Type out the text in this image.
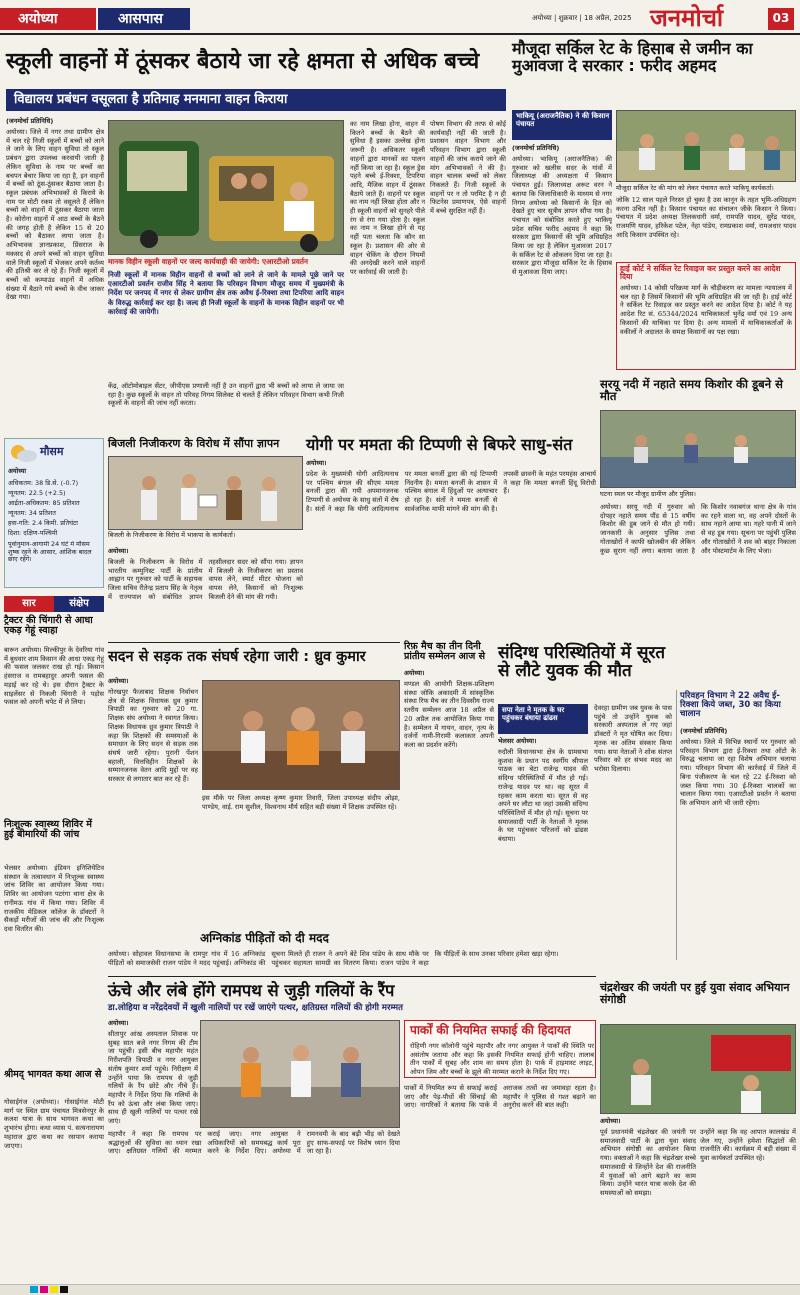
अयोध्या	आसपास	अयोध्या | शुक्रवार | 18 अप्रैल, 2025 जनमोर्चा	03
स्कूली वाहनों में ठूंसकर बैठाये जा रहे क्षमता से अधिक बच्चे
विद्यालय प्रबंधन वसूलता है प्रतिमाह मनमाना वाहन किराया
(जनमोर्चा प्रतिनिधि)
अयोध्या। जिले में नगर तथा ग्रामीण क्षेत्र में चल रहे निजी स्कूलों में बच्चों को लाने ले जाने के लिए वाहन सुविधा तो स्कूल प्रबंधन द्वारा उपलब्ध करवायी जाती है लेकिन सुविधा के नाम पर बच्चों का बचपन बेचार किया जा रहा है, इन वाहनों में बच्चों को ठूंस-ठूंसकर बैठाया जाता है। स्कूल प्रबंधक अभिभावकों से किराये के नाम पर मोटी रकम तो वसूलते हैं लेकिन बच्चों को वाहनों में ठूंसकर बैठाया जाता है। कोरोना वाहनों में आठ बच्चों के बैठने की जगह होती है लेकिन 15 से 20 बच्चों को बैठाकर लाया जाता है। अभिभावक ज्ञानप्रकाश, प्रिंसराज के मकसद से अपने बच्चों को वाहन सुविधा वाले निजी स्कूलों में भेजकर अपने कर्तव्य की इतिश्री कर ले रहे हैं। निजी स्कूलों में बच्चों को कम्पाउंड वाहनों में अधिक संख्या में बैठाने गये बच्चों के वीच जाकर देखा गया।
का नाम लिखा होना, वाहन में कितने बच्चों के बैठने की सुविधा है इसका उल्लेख होना जरूरी है। अधिकतर स्कूली वाहनों द्वारा मानकों का पालन नहीं किया जा रहा है। स्कूल ड्रेस पहने बच्चे ई-रिक्शा, टिपरिया आदि, मैजिक वाहन में ठूंसकर बैठाये जाते हैं। वाहनों पर स्कूल का नाम नहीं लिखा होता और न ही स्कूली वाहनों को सुनहरे पीले रंग से रंगा गया होता है। स्कूल का नाम न लिखा होने से यह नहीं पता चलता कि कौन सा स्कूल है। प्रशासन की ओर से वाहन चेकिंग के दौरान नियमों की अनदेखी करने वाले वाहनों पर कार्रवाई की जाती है।
पोषण विभाग की तरफ से कोई कार्यवाही नहीं की जाती है। प्रशासन वाहन विभाग और परिवहन विभाग द्वारा स्कूली वाहनों की जांच कराये जाने की मांग अभिभावकों ने की है। वाहन चालक बच्चों को लेकर निकलते हैं। निजी स्कूलों के वाहनों पर न तो परमिट है न ही फिटनेस प्रमाणपत्र, ऐसे वाहनों में बच्चे सुरक्षित नहीं हैं।
मानक विहीन स्कूली वाहनों पर जल्द कार्यवाही की जायेगी: एआरटीओ प्रवर्तन
निजी स्कूलों में मानक विहीन वाहनों से बच्चों को लाने ले जाने के मामले पूछे जाने पर एआरटीओ प्रवर्तन राजीव सिंह ने बताया कि परिवहन विभाग मौजूद समय में मुख्यमंत्री के निर्देश पर जनपद में नगर से लेकर ग्रामीण क्षेत्र तक अवैध ई-रिक्शा तथा टिपरिया आदि वाहन के विरुद्ध कार्रवाई कर रहा है। जल्द ही निजी स्कूलों के वाहनों के मानक विहीन वाहनों पर भी कार्रवाई की जायेगी।
केंद्र, ऑटोमोबाइल सेंटर, जीपीएस प्रणाली नहीं है उन वाहनों द्वारा भी बच्चों को लाया ले जाया जा रहा है। कुछ स्कूलों के वाहन तो परिवह निगम सिलेक्ट से चलते हैं लेकिन परिवहन विभाग कभी निजी स्कूलों के वाहनों की जांच नहीं करता।
मौजूदा सर्किल रेट के हिसाब से जमीन का मुआवजा दे सरकार : फरीद अहमद
भाकियू (अराजनैतिक) ने की किसान पंचायत
(जनमोर्चा प्रतिनिधि)
अयोध्या। भाकियू (अराजनैतिक) की गुरुवार को खलीस सदर के गांवों में जिलाध्यक्ष की अध्यक्षता में किसान पंचायत हुई। जिलाध्यक्ष अरूट वरन ने बताया कि जिलाधिकारी के माध्यम से नगर निगम अयोध्या को किसानों के हित को देखते हुए चार सूत्रीय ज्ञापन सौंपा गया है। पंचायत को संबोधित करते हुए भाकियू प्रदेश सचिव फरीद अहमद ने कहा कि सरकार द्वारा किसानों की भूमि अधिग्रहित किया जा रहा है लेकिन मुआवजा 2017 के सर्किल रेट से ओकलन दिया जा रहा है। सरकार द्वारा मौजूदा सर्किल रेट के हिसाब से मुआवजा दिया जाए।
मौजूदा सर्किल रेट की मांग को लेकर पंचायत करते भाकियू कार्यकर्ता।
जोकि 12 साल पहले निरस्त हो चुका है उस कानून के तहत भूमि-अधिग्रहण करना उचित नहीं है। किसान पंचायत का संचालन जीके किसान ने किया। पंचायत में प्रदेश अध्यक्ष तिलकधारी वर्मा, रामपति यादव, सुरेंद्र यादव, राजमणि यादव, हरिकेश पटेल, नेहा पांडेय, रामप्रकाश वर्मा, रामअधार यादव आदि किसान उपस्थित रहे।
हाई कोर्ट ने सर्किल रेट रिवाइज कर प्रस्तुत करने का आदेश दिया
अयोध्या। 14 कोसी परिक्रमा मार्ग के चौड़ीकरण का मामला न्यायालय में चल रहा है जिसमें किसानों की भूमि अधिग्रहित की जा रही है। हाई कोर्ट ने सर्किल रेट रिवाइज कर प्रस्तुत करने का आदेश दिया है। कोर्ट ने यह आदेश रिट सं. 65344/2024 याचिकाकर्ता भुनेंद्र वर्मा एवं 19 अन्य किसानों की याचिका पर दिया है। अन्य मामलों में याचिकाकर्ताओं के वकीलों ने अदालत के समक्ष किसानों का पक्ष रखा।
सरयू नदी में नहाते समय किशोर की डूबने से मौत
घटना स्थल पर मौजूद ग्रामीण और पुलिस।
अयोध्या। सरयू नदी में गुरुवार को दोपहर नहाते समय पौंड से 15 वर्षीय किशोर की डूब जाने से मौत हो गयी। जानकारी के अनुसार पुलिस तथा गोताखोरों ने काफी खोजबीन की लेकिन कुछ सुराग नहीं लगा। बताया जाता है कि किशोर नवाबगंज थाना क्षेत्र के गांव का रहने वाला था, वह अपने दोस्तों के साथ नहाने आया था। गहरे पानी में जाने से वह डूब गया। सूचना पर पहुंची पुलिस और गोताखोरों ने शव को बाहर निकाला और पोस्टमार्टम के लिए भेजा।
परिवहन विभाग ने 22 अवैध ई-रिक्शा किये जब्त, 30 का किया चालान
(जनमोर्चा प्रतिनिधि)
अयोध्या। जिले में विभिन्न स्थानों पर गुरुवार को परिवहन विभाग द्वारा ई-रिक्शा तथा ऑटो के विरुद्ध चलाया जा रहा विशेष अभियान चलाया गया। परिवहन विभाग की कार्रवाई में जिले में बिना पंजीकरण के चल रहे 22 ई-रिक्शा को जब्त किया गया। 30 ई-रिक्शा चालकों का चालान किया गया। एआरटीओ प्रवर्तन ने बताया कि अभियान आगे भी जारी रहेगा।
मौसम
अयोध्या
अधिकतम: 38 डि.से. (-0.7)
न्यूनतम: 22.5 (+2.5)
आर्द्रता-अधिकतम: 85 प्रतिशत
न्यूनतम: 34 प्रतिशत
हवा-गति: 2.4 किमी. प्रतिघंटा
दिशा: दक्षिण-पश्चिमी
पूर्वानुमान-आगामी 24 घंटे में मौसम शुष्क रहने के आसार, आंशिक बादल छाए रहेंगे।
सार	संक्षेप
ट्रैक्टर की चिंगारी से आधा एकड़ गेहूं स्वाहा
बारून अयोध्या। मिल्कीपुर के देवरिया गांव में बुधवार शाम किसान की आधा एकड़ गेहूं की फसल जलकर राख हो गई। किसान हंसराज व रामबहादुर अपनी फसल की मड़ाई कर रहे थे। इस दौरान ट्रैक्टर के साइलेंसर से निकली चिंगारी ने पड़ोस फसल को अपनी चपेट में ले लिया।
निःशुल्क स्वास्थ्य शिविर में हुई बीमारियों की जांच
भेलसर अयोध्या। इंडियन इनिशियेटिव संस्थान के तत्वावधान में निःशुल्क स्वास्थ्य जांच शिविर का आयोजन किया गया। शिविर का आयोजन पटरंगा थाना क्षेत्र के रानीमऊ गांव में किया गया। शिविर में राजकीय मेडिकल कॉलेज के डॉक्टरों ने सैकड़ों मरीजों की जांच की और निःशुल्क दवा वितरित की।
श्रीमद् भागवत कथा आज से
गोसाईगंज (अयोध्या)। गोसाईगंज मोटी मार्ग पर स्थित ग्राम पंचायत मित्रसेनपुर के कलश यात्रा के साथ भागवत कथा का शुभारंभ होगा। कथा व्यास पं. सत्यनारायण महाराज द्वारा कथा का रसपान कराया जाएगा।
बिजली निजीकरण के विरोध में सौंपा ज्ञापन
बिजली के निजीकरण के विरोध में भाकपा के कार्यकर्ता।
अयोध्या।
बिजली के निजीकरण के विरोध में भारतीय कम्युनिस्ट पार्टी के प्रांतीय आह्वान पर गुरुवार को पार्टी के सहायक जिला सचिव रीतेन्द्र प्रताप सिंह के नेतृत्व में राज्यपाल को संबोधित ज्ञापन तहसीलदार सदर को सौंपा गया। ज्ञापन में बिजली के निजीकरण का प्रस्ताव वापस लेने, स्मार्ट मीटर योजना को वापस लेने, किसानों को निःशुल्क बिजली देने की मांग की गयी।
योगी पर ममता की टिप्पणी से बिफरे साधु-संत
अयोध्या।
प्रदेश के मुख्यमंत्री योगी आदित्यनाथ पर पश्चिम बंगाल की सीएम ममता बनर्जी द्वारा की गयी अपमानजनक टिप्पणी से अयोध्या के साधु संतों में रोष है। संतों ने कहा कि योगी आदित्यनाथ पर ममता बनर्जी द्वारा की गई टिप्पणी निंदनीय है। ममता बनर्जी के शासन में पश्चिम बंगाल में हिंदुओं पर अत्याचार हो रहा है। संतों ने ममता बनर्जी से सार्वजनिक माफी मांगने की मांग की है। तपस्वी छावनी के महंत परमहंस आचार्य ने कहा कि ममता बनर्जी हिंदू विरोधी हैं।
सदन से सड़क तक संघर्ष रहेगा जारी : ध्रुव कुमार
अयोध्या।
गोरखपुर फैजाबाद शिक्षक निर्वाचन क्षेत्र से शिक्षक विधायक ध्रुव कुमार त्रिपाठी का गुरुवार को 20 गा. शिक्षक संघ अयोध्या ने स्वागत किया। शिक्षक विधायक ध्रुव कुमार त्रिपाठी ने कहा कि शिक्षकों की समस्याओं के समाधान के लिए सदन से सड़क तक संघर्ष जारी रहेगा। पुरानी पेंशन बहाली, वित्तविहीन शिक्षकों के सम्मानजनक वेतन आदि मुद्दों पर वह सरकार से लगातार बात कर रहे हैं।
इस मौके पर जिला अध्यक्ष कृष्ण कुमार तिवारी, जिला उपाध्यक्ष संदीप ओझा, पाण्डेय, वाई. राम सुशील, विश्वनाथ मौर्य सहित बड़ी संख्या में शिक्षक उपस्थित रहे।
रिफ़ मैच का तीन दिनी प्रांतीय सम्मेलन आज से
अयोध्या।
मण्डल की आयोगी शिक्षक-प्रशिक्षण संस्था जोकि अकादमी में सांस्कृतिक संस्था रिफ मैच का तीन दिवसीय राज्य स्तरीय सम्मेलन आज 18 अप्रैल से 20 अप्रैल तक आयोजित किया गया है। सम्मेलन में गायन, वादन, नृत्य के दर्जनों नामी-गिरामी कलाकार अपनी कला का प्रदर्शन करेंगे।
संदिग्ध परिस्थितियों में सूरत से लौटे युवक की मौत
सपा नेता ने मृतक के घर पहुंचकर बंधाया ढांढस
भेलसर अयोध्या।
रुदौली विधानसभा क्षेत्र के ग्रामसभा कुशवा के प्रधान पद स्वर्गीय श्रीपाल पाठक का बेटा राजेन्द्र यादव की संदिग्ध परिस्थितियों में मौत हो गई। राजेन्द्र यादव पर था। वह सूरत में रहकर काम करता था। सूरत से वह अपने घर लौटा था जहां उसकी संदिग्ध परिस्थितियों में मौत हो गई। सूचना पर समाजवादी पार्टी के नेताओं ने मृतक के घर पहुंचकर परिजनों को ढांढस बंधाया।
देवरहा ग्रामीण जब युवक के पास पहुंचे तो उन्होंने युवक को सरकारी अस्पताल ले गए जहां डॉक्टरों ने मृत घोषित कर दिया। मृतक का अंतिम संस्कार किया गया। सपा नेताओं ने शोक संतप्त परिवार को हर संभव मदद का भरोसा दिलाया।
अग्निकांड पीड़ितों को दी मदद
अयोध्या। सोहावल विधानसभा के रामपुर गांव में 16 अग्निकांड पीड़ितों को समाजसेवी राजन पांडेय ने मदद पहुंचाई। अग्निकांड की सूचना मिलते ही राजन ने अपने बेटे शिव पांडेय के साथ मौके पर पहुंचकर सहायता सामग्री का वितरण किया। राजन पांडेय ने कहा कि पीड़ितों के साथ उनका परिवार हमेशा खड़ा रहेगा।
ऊंचे और लंबे होंगे रामपथ से जुड़ी गलियों के रैंप
डा.लोहिया व नरेंद्रदेवयों में खुली नालियों पर रखें जाएंगे पत्थर, क्षतिग्रस्त गलियों की होगी मरम्मत
अयोध्या।
सीतापुर आंख अस्पताल शिवाक पर सुबह सात बजे नगर निगम की टीम जा पहुंची। इसी बीच महापौर महंत गिरीशपति त्रिपाठी व नगर आयुक्त संतोष कुमार शर्मा पहुंचे। निरीक्षण में उन्होंने पाया कि रामपथ से जुड़ी गलियों के रैंप छोटे और नीचे हैं। महापौर ने निर्देश दिया कि गलियों के रैंप को ऊंचा और लंबा किया जाए। साथ ही खुली नालियों पर पत्थर रखे जाएं।
महापौर ने कहा कि रामपथ पर श्रद्धालुओं की सुविधा का ध्यान रखा जाए। क्षतिग्रस्त गलियों की मरम्मत कराई जाए। नगर आयुक्त ने अधिकारियों को समयबद्ध कार्य पूरा करने के निर्देश दिए। अयोध्या में रामनवमी के बाद बढ़ी भीड़ को देखते हुए साफ-सफाई पर विशेष ध्यान दिया जा रहा है।
पार्कों की नियमित सफाई की हिदायत
रोहिणी नगर कॉलोनी पहुंचे महापौर और नगर आयुक्त ने पार्कों की स्थिति पर असंतोष जताया और कहा कि इसकी नियमित सफाई होनी चाहिए। तालाब तीन पार्कों में सुबह और शाम का समय होता है। पार्क में हाइमास्ट लाइट, ओपन जिम और बच्चों के झूले की मरम्मत कराने के निर्देश दिए गए।
पार्कों में नियमित रूप से सफाई कराई जाए और पेड़-पौधों की सिंचाई की जाए। नागरिकों ने बताया कि पार्क में अराजक तत्वों का जमावड़ा रहता है। महापौर ने पुलिस से गश्त बढ़ाने का अनुरोध करने की बात कही।
चंद्रशेखर की जयंती पर हुई युवा संवाद अभियान संगोष्ठी
अयोध्या।
पूर्व प्रधानमंत्री चंद्रशेखर की जयंती पर समाजवादी पार्टी के द्वारा युवा संवाद अभियान संगोष्ठी का आयोजन किया गया। वक्ताओं ने कहा कि चंद्रशेखर सच्चे समाजवादी थे जिन्होंने देश की राजनीति में युवाओं को आगे बढ़ाने का काम किया। उन्होंने भारत यात्रा करके देश की समस्याओं को समझा।
उन्होंने कहा कि वह आपात कालखंड में जेल गए, उन्होंने हमेशा सिद्धांतों की राजनीति की। कार्यक्रम में बड़ी संख्या में युवा कार्यकर्ता उपस्थित रहे।
